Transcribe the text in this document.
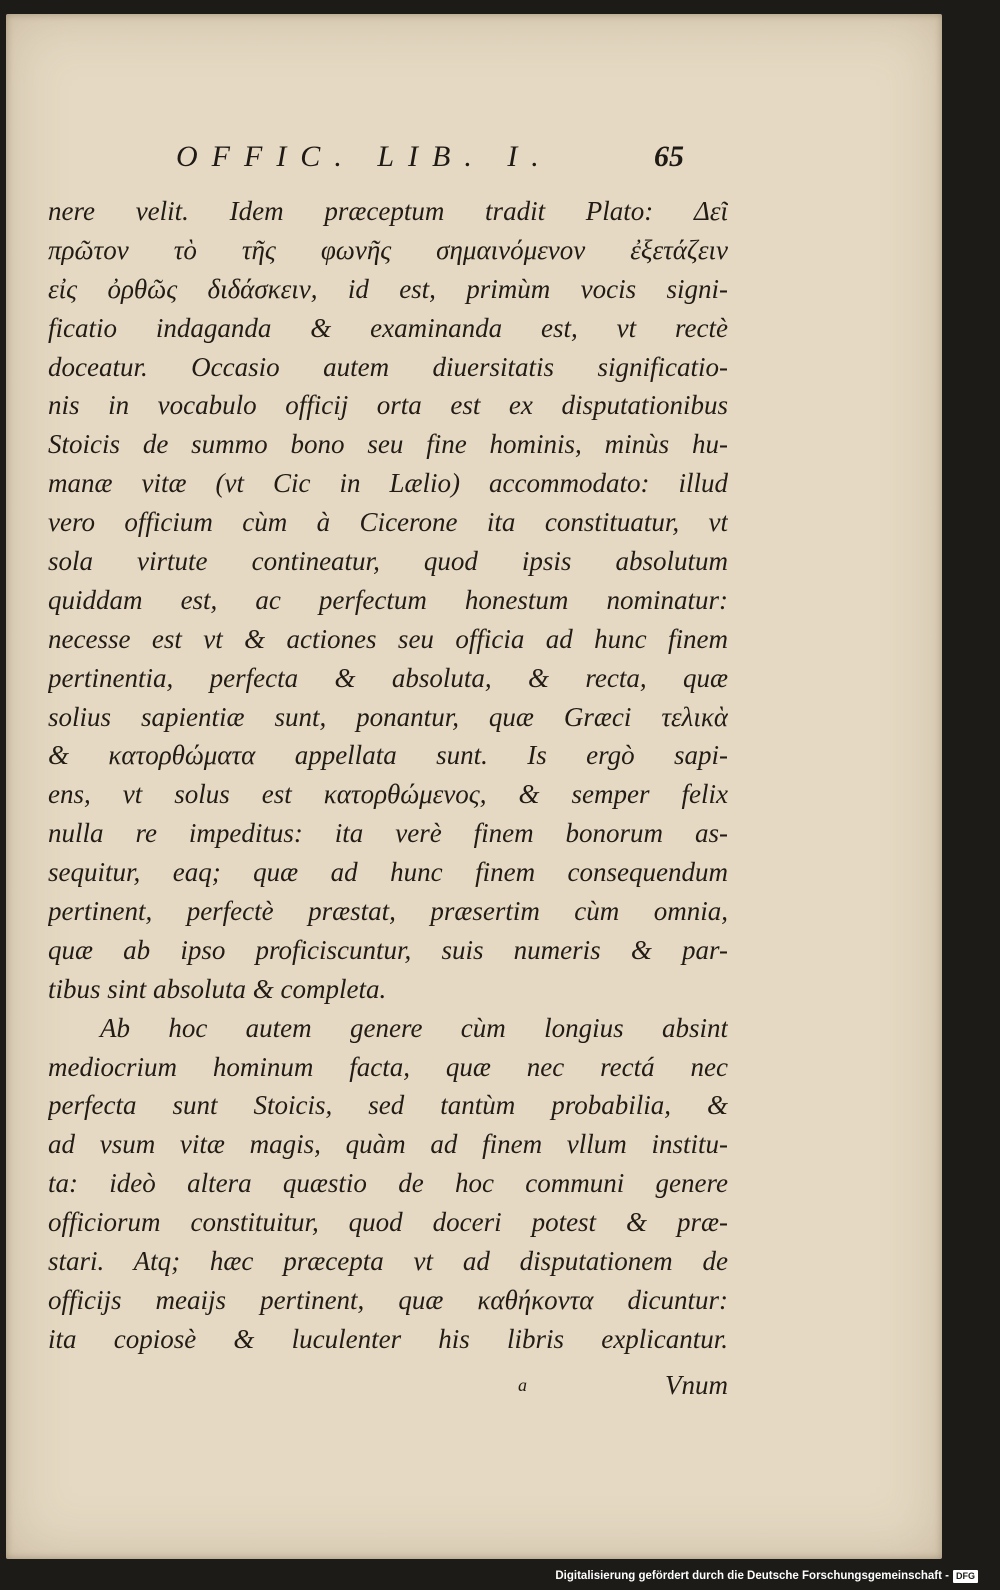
OFFIC. LIB. I.	65
nere velit. Idem præceptum tradit Plato: Δεῖ
πρῶτον τὸ τῆς φωνῆς σημαινόμενον ἐξετάζειν
εἰς ὀρθῶς διδάσκειν, id est, primùm vocis signi-
ficatio indaganda & examinanda est, vt rectè
doceatur. Occasio autem diuersitatis significatio-
nis in vocabulo officij orta est ex disputationibus
Stoicis de summo bono seu fine hominis, minùs hu-
manæ vitæ (vt Cic in Lælio) accommodato: illud
vero officium cùm à Cicerone ita constituatur, vt
sola virtute contineatur, quod ipsis absolutum
quiddam est, ac perfectum honestum nominatur:
necesse est vt & actiones seu officia ad hunc finem
pertinentia, perfecta & absoluta, & recta, quæ
solius sapientiæ sunt, ponantur, quæ Græci τελικὰ
& κατορθώματα appellata sunt. Is ergò sapi-
ens, vt solus est κατορθώμενος, & semper felix
nulla re impeditus: ita verè finem bonorum as-
sequitur, eaq; quæ ad hunc finem consequendum
pertinent, perfectè præstat, præsertim cùm omnia,
quæ ab ipso proficiscuntur, suis numeris & par-
tibus sint absoluta & completa.
Ab hoc autem genere cùm longius absint
mediocrium hominum facta, quæ nec rectá nec
perfecta sunt Stoicis, sed tantùm probabilia, &
ad vsum vitæ magis, quàm ad finem vllum institu-
ta: ideò altera quæstio de hoc communi genere
officiorum constituitur, quod doceri potest & præ-
stari. Atq; hæc præcepta vt ad disputationem de
officijs meaijs pertinent, quæ καθήκοντα dicuntur:
ita copiosè & luculenter his libris explicantur.
a	Vnum
Digitalisierung gefördert durch die Deutsche Forschungsgemeinschaft - DFG
